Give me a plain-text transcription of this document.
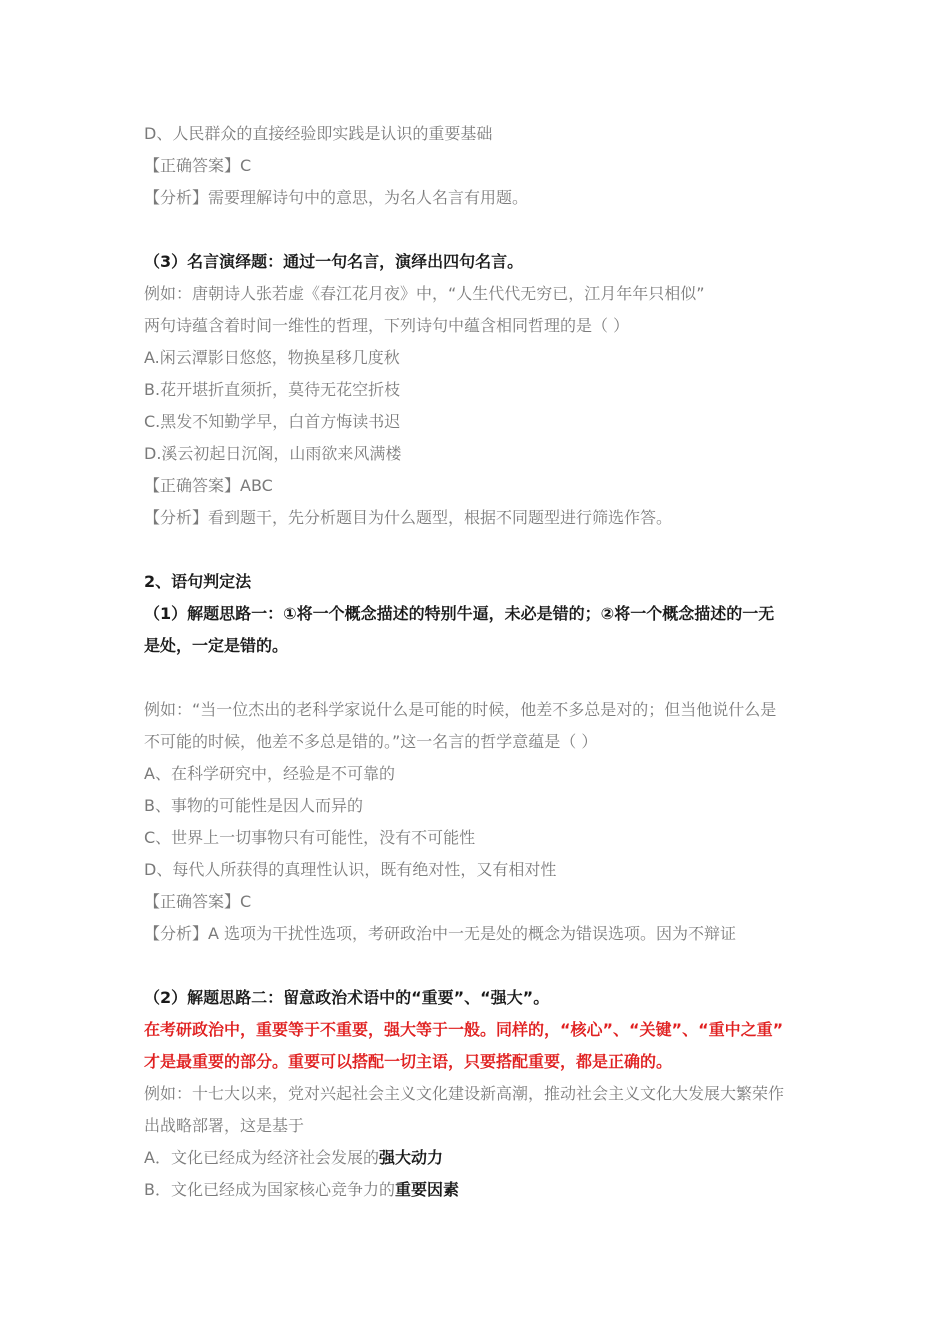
D、人民群众的直接经验即实践是认识的重要基础
【正确答案】C
【分析】需要理解诗句中的意思，为名人名言有用题。
（3）名言演绎题：通过一句名言，演绎出四句名言。
例如：唐朝诗人张若虚《春江花月夜》中，“人生代代无穷已，江月年年只相似”
两句诗蕴含着时间一维性的哲理，下列诗句中蕴含相同哲理的是（ ）
A.闲云潭影日悠悠，物换星移几度秋
B.花开堪折直须折，莫待无花空折枝
C.黑发不知勤学早，白首方悔读书迟
D.溪云初起日沉阁，山雨欲来风满楼
【正确答案】ABC
【分析】看到题干，先分析题目为什么题型，根据不同题型进行筛选作答。
2、语句判定法
（1）解题思路一：①将一个概念描述的特别牛逼，未必是错的；②将一个概念描述的一无
是处，一定是错的。
例如：“当一位杰出的老科学家说什么是可能的时候，他差不多总是对的；但当他说什么是
不可能的时候，他差不多总是错的。”这一名言的哲学意蕴是（ ）
A、在科学研究中，经验是不可靠的
B、事物的可能性是因人而异的
C、世界上一切事物只有可能性，没有不可能性
D、每代人所获得的真理性认识，既有绝对性，又有相对性
【正确答案】C
【分析】A 选项为干扰性选项，考研政治中一无是处的概念为错误选项。因为不辩证
（2）解题思路二：留意政治术语中的“重要”、“强大”。
在考研政治中，重要等于不重要，强大等于一般。同样的，“核心”、“关键”、“重中之重”
才是最重要的部分。重要可以搭配一切主语，只要搭配重要，都是正确的。
例如：十七大以来，党对兴起社会主义文化建设新高潮，推动社会主义文化大发展大繁荣作
出战略部署，这是基于
A．文化已经成为经济社会发展的强大动力
B．文化已经成为国家核心竞争力的重要因素
